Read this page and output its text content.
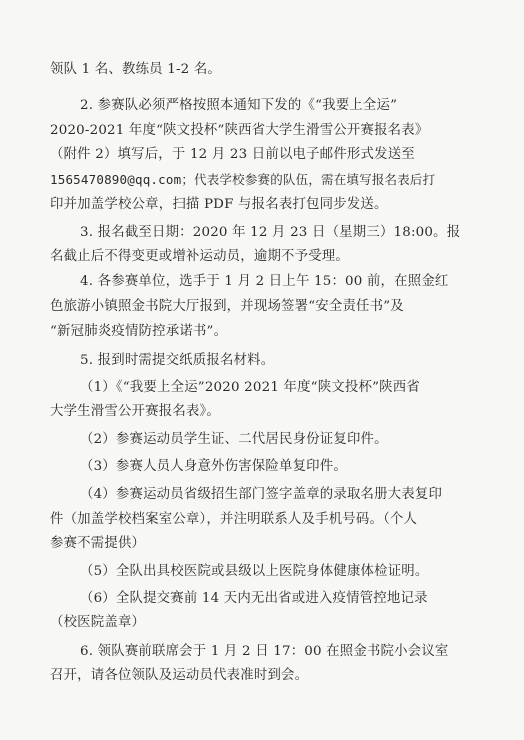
领队 1 名、教练员 1-2 名。
2. 参赛队必须严格按照本通知下发的《“我要上全运”
2020-2021 年度“陕文投杯”陕西省大学生滑雪公开赛报名表》
（附件 2）填写后，于 12 月 23 日前以电子邮件形式发送至
1565470890@qq.com；代表学校参赛的队伍，需在填写报名表后打
印并加盖学校公章，扫描 PDF 与报名表打包同步发送。
3. 报名截至日期：2020 年 12 月 23 日（星期三）18:00。报
名截止后不得变更或增补运动员，逾期不予受理。
4. 各参赛单位，选手于 1 月 2 日上午 15：00 前，在照金红
色旅游小镇照金书院大厅报到，并现场签署“安全责任书”及
“新冠肺炎疫情防控承诺书”。
5. 报到时需提交纸质报名材料。
（1）《“我要上全运”2020 2021 年度“陕文投杯”陕西省
大学生滑雪公开赛报名表》。
（2）参赛运动员学生证、二代居民身份证复印件。
（3）参赛人员人身意外伤害保险单复印件。
（4）参赛运动员省级招生部门签字盖章的录取名册大表复印
件（加盖学校档案室公章），并注明联系人及手机号码。（个人
参赛不需提供）
（5）全队出具校医院或县级以上医院身体健康体检证明。
（6）全队提交赛前 14 天内无出省或进入疫情管控地记录
（校医院盖章）
6. 领队赛前联席会于 1 月 2 日 17：00 在照金书院小会议室
召开，请各位领队及运动员代表准时到会。
